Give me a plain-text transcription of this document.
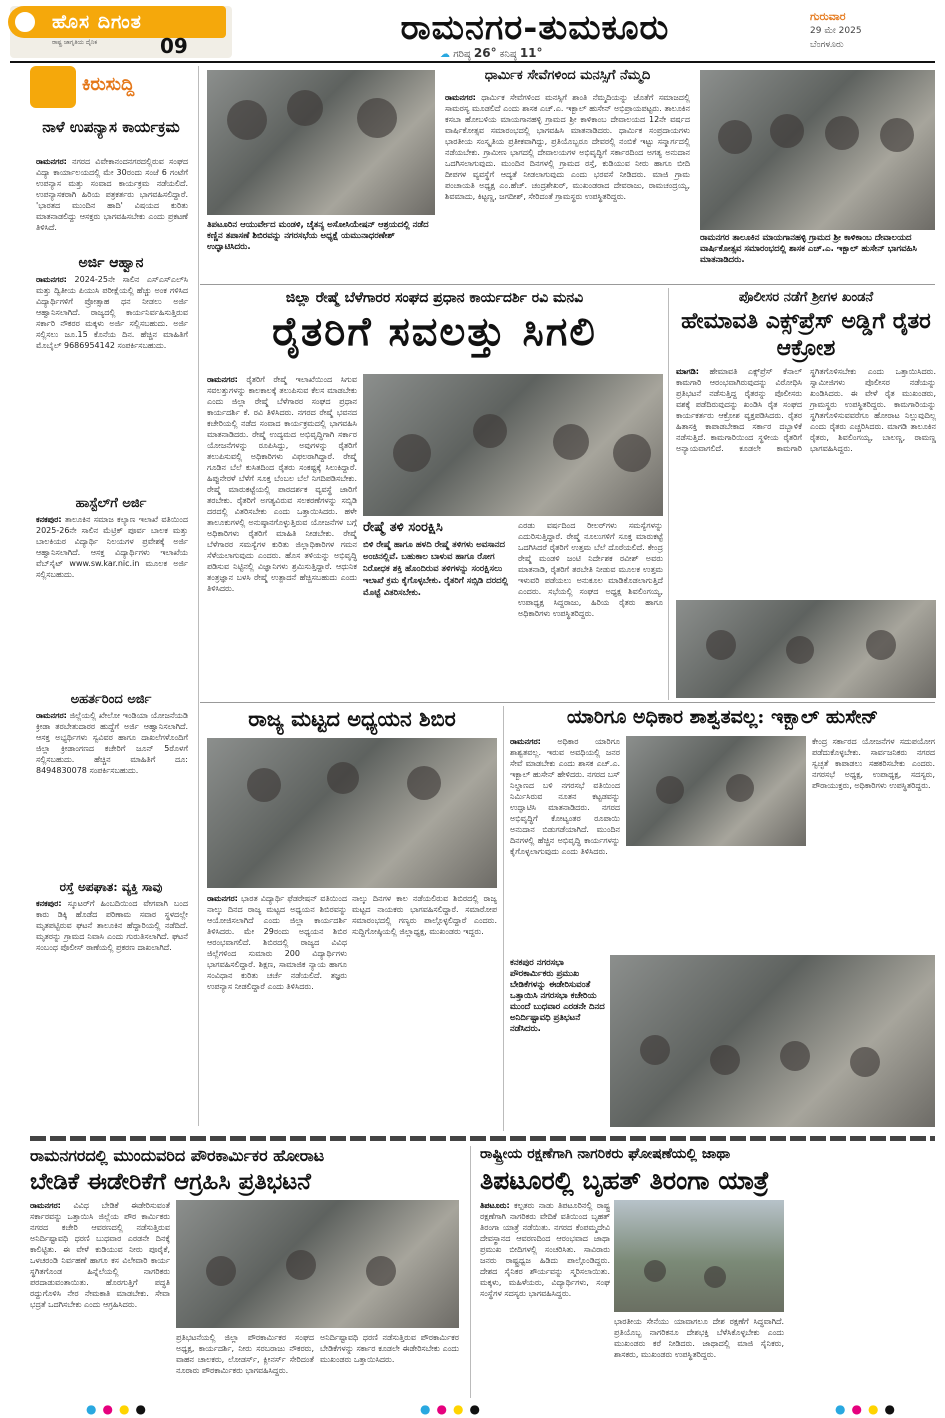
ಹೊಸ ದಿಗಂತ
ರಾಷ್ಟ್ರ ಜಾಗೃತಿಯ ದೈನಿಕ	09	ರಾಮನಗರ-ತುಮಕೂರು
☁ ಗರಿಷ್ಠ 26° ಕನಿಷ್ಠ 11°
ಗುರುವಾರ
29 ಮೇ 2025
ಬೆಂಗಳೂರು
ಕಿರುಸುದ್ದಿ
ನಾಳೆ ಉಪನ್ಯಾಸ ಕಾರ್ಯಕ್ರಮ
ರಾಮನಗರ: ನಗರದ ವಿವೇಕಾನಂದನಗರದಲ್ಲಿರುವ ಸಂಘದ ವಿದ್ಯಾ ಕಾರ್ಯಾಲಯದಲ್ಲಿ ಮೇ 30ರಂದು ಸಂಜೆ 6 ಗಂಟೆಗೆ ಉಪನ್ಯಾಸ ಮತ್ತು ಸಂವಾದ ಕಾರ್ಯಕ್ರಮ ನಡೆಯಲಿದೆ. ಉಪನ್ಯಾಸಕರಾಗಿ ಹಿರಿಯ ಪತ್ರಕರ್ತರು ಭಾಗವಹಿಸಲಿದ್ದಾರೆ. 'ಭಾರತದ ಮುಂದಿನ ಹಾದಿ' ವಿಷಯದ ಕುರಿತು ಮಾತನಾಡಲಿದ್ದು ಆಸಕ್ತರು ಭಾಗವಹಿಸಬೇಕು ಎಂದು ಪ್ರಕಟಣೆ ತಿಳಿಸಿದೆ.
ಅರ್ಜಿ ಆಹ್ವಾನ
ರಾಮನಗರ: 2024-25ನೇ ಸಾಲಿನ ಎಸ್‌ಎಸ್‌ಎಲ್‌ಸಿ ಮತ್ತು ದ್ವಿತೀಯ ಪಿಯುಸಿ ಪರೀಕ್ಷೆಯಲ್ಲಿ ಹೆಚ್ಚು ಅಂಕ ಗಳಿಸಿದ ವಿದ್ಯಾರ್ಥಿಗಳಿಗೆ ಪ್ರೋತ್ಸಾಹ ಧನ ನೀಡಲು ಅರ್ಜಿ ಆಹ್ವಾನಿಸಲಾಗಿದೆ. ರಾಜ್ಯದಲ್ಲಿ ಕಾರ್ಯನಿರ್ವಹಿಸುತ್ತಿರುವ ಸರ್ಕಾರಿ ನೌಕರರ ಮಕ್ಕಳು ಅರ್ಜಿ ಸಲ್ಲಿಸಬಹುದು. ಅರ್ಜಿ ಸಲ್ಲಿಸಲು ಜೂ.15 ಕೊನೆಯ ದಿನ. ಹೆಚ್ಚಿನ ಮಾಹಿತಿಗೆ ಮೊಬೈಲ್ 9686954142 ಸಂಪರ್ಕಿಸಬಹುದು.
ಹಾಸ್ಟೆಲ್‌ಗೆ ಅರ್ಜಿ
ಕನಕಪುರ: ತಾಲೂಕಿನ ಸಮಾಜ ಕಲ್ಯಾಣ ಇಲಾಖೆ ವತಿಯಿಂದ 2025-26ನೇ ಸಾಲಿನ ಮೆಟ್ರಿಕ್ ಪೂರ್ವ ಬಾಲಕ ಮತ್ತು ಬಾಲಕಿಯರ ವಿದ್ಯಾರ್ಥಿ ನಿಲಯಗಳ ಪ್ರವೇಶಕ್ಕೆ ಅರ್ಜಿ ಆಹ್ವಾನಿಸಲಾಗಿದೆ. ಆಸಕ್ತ ವಿದ್ಯಾರ್ಥಿಗಳು ಇಲಾಖೆಯ ವೆಬ್‌ಸೈಟ್ www.sw.kar.nic.in ಮೂಲಕ ಅರ್ಜಿ ಸಲ್ಲಿಸಬಹುದು.
ಅಹರ್ತರಿಂದ ಅರ್ಜಿ
ರಾಮನಗರ: ಜಿಲ್ಲೆಯಲ್ಲಿ ಖೇಲೋ ಇಂಡಿಯಾ ಯೋಜನೆಯಡಿ ಕ್ರೀಡಾ ತರಬೇತುದಾರರ ಹುದ್ದೆಗೆ ಅರ್ಜಿ ಆಹ್ವಾನಿಸಲಾಗಿದೆ. ಆಸಕ್ತ ಅಭ್ಯರ್ಥಿಗಳು ಸ್ವವಿವರ ಹಾಗೂ ದಾಖಲೆಗಳೊಂದಿಗೆ ಜಿಲ್ಲಾ ಕ್ರೀಡಾಂಗಣದ ಕಚೇರಿಗೆ ಜೂನ್ 5ರೊಳಗೆ ಸಲ್ಲಿಸಬಹುದು. ಹೆಚ್ಚಿನ ಮಾಹಿತಿಗೆ ದೂ: 8494830078 ಸಂಪರ್ಕಿಸಬಹುದು.
ರಸ್ತೆ ಅಪಘಾತ: ವ್ಯಕ್ತಿ ಸಾವು
ಕನಕಪುರ: ಸ್ಕೂಟರ್‌ಗೆ ಹಿಂಬದಿಯಿಂದ ವೇಗವಾಗಿ ಬಂದ ಕಾರು ಡಿಕ್ಕಿ ಹೊಡೆದ ಪರಿಣಾಮ ಸವಾರ ಸ್ಥಳದಲ್ಲೇ ಮೃತಪಟ್ಟಿರುವ ಘಟನೆ ತಾಲೂಕಿನ ಹೆದ್ದಾರಿಯಲ್ಲಿ ನಡೆದಿದೆ. ಮೃತರನ್ನು ಗ್ರಾಮದ ನಿವಾಸಿ ಎಂದು ಗುರುತಿಸಲಾಗಿದೆ. ಘಟನೆ ಸಂಬಂಧ ಪೊಲೀಸ್ ಠಾಣೆಯಲ್ಲಿ ಪ್ರಕರಣ ದಾಖಲಾಗಿದೆ.
ತಿಪಟೂರಿನ ಆಯುರ್ವೇದ ಮಂಡಳಿ, ಚೈತನ್ಯ ಅಸೋಸಿಯೇಷನ್ ಆಶ್ರಯದಲ್ಲಿ ನಡೆದ ಕಣ್ಣಿನ ತಪಾಸಣೆ ಶಿಬಿರವನ್ನು ನಗರಸಭೆಯ ಅಧ್ಯಕ್ಷೆ ಯಮುನಾಧರಣೇಶ್ ಉದ್ಘಾಟಿಸಿದರು.
ಧಾರ್ಮಿಕ ಸೇವೆಗಳಿಂದ ಮನಸ್ಸಿಗೆ ನೆಮ್ಮದಿ
ರಾಮನಗರ: ಧಾರ್ಮಿಕ ಸೇವೆಗಳಿಂದ ಮನಸ್ಸಿಗೆ ಶಾಂತಿ ನೆಮ್ಮದಿಯನ್ನು ಜೊತೆಗೆ ಸಮಾಜದಲ್ಲಿ ಸಾಮರಸ್ಯ ಮೂಡಲಿದೆ ಎಂದು ಶಾಸಕ ಎಚ್.ಎ. ಇಕ್ಬಾಲ್ ಹುಸೇನ್ ಅಭಿಪ್ರಾಯಪಟ್ಟರು. ತಾಲೂಕಿನ ಕಸಬಾ ಹೋಬಳಿಯ ಮಾಯಗಾನಹಳ್ಳಿ ಗ್ರಾಮದ ಶ್ರೀ ಕಾಳಿಕಾಂಬ ದೇವಾಲಯದ 12ನೇ ವರ್ಷದ ವಾರ್ಷಿಕೋತ್ಸವ ಸಮಾರಂಭದಲ್ಲಿ ಭಾಗವಹಿಸಿ ಮಾತನಾಡಿದರು. ಧಾರ್ಮಿಕ ಸಂಪ್ರದಾಯಗಳು ಭಾರತೀಯ ಸಂಸ್ಕೃತಿಯ ಪ್ರತೀಕವಾಗಿದ್ದು, ಪ್ರತಿಯೊಬ್ಬರೂ ದೇವರಲ್ಲಿ ನಂಬಿಕೆ ಇಟ್ಟು ಸನ್ಮಾರ್ಗದಲ್ಲಿ ನಡೆಯಬೇಕು. ಗ್ರಾಮೀಣ ಭಾಗದಲ್ಲಿ ದೇವಾಲಯಗಳ ಅಭಿವೃದ್ಧಿಗೆ ಸರ್ಕಾರದಿಂದ ಅಗತ್ಯ ಅನುದಾನ ಒದಗಿಸಲಾಗುವುದು. ಮುಂದಿನ ದಿನಗಳಲ್ಲಿ ಗ್ರಾಮದ ರಸ್ತೆ, ಕುಡಿಯುವ ನೀರು ಹಾಗೂ ಬೀದಿ ದೀಪಗಳ ವ್ಯವಸ್ಥೆಗೆ ಆದ್ಯತೆ ನೀಡಲಾಗುವುದು ಎಂದು ಭರವಸೆ ನೀಡಿದರು. ಮಾಜಿ ಗ್ರಾಮ ಪಂಚಾಯತಿ ಅಧ್ಯಕ್ಷ ಎಂ.ಹೆಚ್. ಚಂದ್ರಶೇಖರ್, ಮುಖಂಡರಾದ ದೇವರಾಜು, ರಾಮಚಂದ್ರಯ್ಯ, ಶಿವಮಾದು, ಕಿಟ್ಟಣ್ಣ, ಜಗದೀಶ್, ಸೇರಿದಂತೆ ಗ್ರಾಮಸ್ಥರು ಉಪಸ್ಥಿತರಿದ್ದರು.
ರಾಮನಗರ ತಾಲೂಕಿನ ಮಾಯಗಾನಹಳ್ಳಿ ಗ್ರಾಮದ ಶ್ರೀ ಕಾಳಿಕಾಂಬ ದೇವಾಲಯದ ವಾರ್ಷಿಕೋತ್ಸವ ಸಮಾರಂಭದಲ್ಲಿ ಶಾಸಕ ಎಚ್.ಎ. ಇಕ್ಬಾಲ್ ಹುಸೇನ್ ಭಾಗವಹಿಸಿ ಮಾತನಾಡಿದರು.
ಜಿಲ್ಲಾ ರೇಷ್ಮೆ ಬೆಳೆಗಾರರ ಸಂಘದ ಪ್ರಧಾನ ಕಾರ್ಯದರ್ಶಿ ರವಿ ಮನವಿ
ರೈತರಿಗೆ ಸವಲತ್ತು ಸಿಗಲಿ
ರಾಮನಗರ: ರೈತರಿಗೆ ರೇಷ್ಮೆ ಇಲಾಖೆಯಿಂದ ಸಿಗುವ ಸವಲತ್ತುಗಳನ್ನು ಕಾಲಕಾಲಕ್ಕೆ ತಲುಪಿಸುವ ಕೆಲಸ ಮಾಡಬೇಕು ಎಂದು ಜಿಲ್ಲಾ ರೇಷ್ಮೆ ಬೆಳೆಗಾರರ ಸಂಘದ ಪ್ರಧಾನ ಕಾರ್ಯದರ್ಶಿ ಕೆ. ರವಿ ತಿಳಿಸಿದರು. ನಗರದ ರೇಷ್ಮೆ ಭವನದ ಕಚೇರಿಯಲ್ಲಿ ನಡೆದ ಸಂವಾದ ಕಾರ್ಯಕ್ರಮದಲ್ಲಿ ಭಾಗವಹಿಸಿ ಮಾತನಾಡಿದರು. ರೇಷ್ಮೆ ಉದ್ಯಮದ ಅಭಿವೃದ್ಧಿಗಾಗಿ ಸರ್ಕಾರ ಯೋಜನೆಗಳನ್ನು ರೂಪಿಸಿದ್ದು, ಅವುಗಳನ್ನು ರೈತರಿಗೆ ತಲುಪಿಸುವಲ್ಲಿ ಅಧಿಕಾರಿಗಳು ವಿಫಲರಾಗಿದ್ದಾರೆ. ರೇಷ್ಮೆ ಗೂಡಿನ ಬೆಲೆ ಕುಸಿತದಿಂದ ರೈತರು ಸಂಕಷ್ಟಕ್ಕೆ ಸಿಲುಕಿದ್ದಾರೆ. ಹಿಪ್ಪುನೇರಳೆ ಬೆಳೆಗೆ ಸೂಕ್ತ ಬೆಂಬಲ ಬೆಲೆ ನಿಗದಿಪಡಿಸಬೇಕು. ರೇಷ್ಮೆ ಮಾರುಕಟ್ಟೆಯಲ್ಲಿ ಪಾರದರ್ಶಕ ವ್ಯವಸ್ಥೆ ಜಾರಿಗೆ ತರಬೇಕು. ರೈತರಿಗೆ ಅಗತ್ಯವಿರುವ ಸಲಕರಣೆಗಳನ್ನು ಸಬ್ಸಿಡಿ ದರದಲ್ಲಿ ವಿತರಿಸಬೇಕು ಎಂದು ಒತ್ತಾಯಿಸಿದರು. ಹಳೇ ತಾಲೂಕುಗಳಲ್ಲಿ ಅನುಷ್ಠಾನಗೊಳ್ಳುತ್ತಿರುವ ಯೋಜನೆಗಳ ಬಗ್ಗೆ ಅಧಿಕಾರಿಗಳು ರೈತರಿಗೆ ಮಾಹಿತಿ ನೀಡಬೇಕು. ರೇಷ್ಮೆ ಬೆಳೆಗಾರರ ಸಮಸ್ಯೆಗಳ ಕುರಿತು ಜಿಲ್ಲಾಧಿಕಾರಿಗಳ ಗಮನ ಸೆಳೆಯಲಾಗುವುದು ಎಂದರು. ಹೊಸ ತಳಿಯನ್ನು ಅಭಿವೃದ್ಧಿ ಪಡಿಸುವ ನಿಟ್ಟಿನಲ್ಲಿ ವಿಜ್ಞಾನಿಗಳು ಶ್ರಮಿಸುತ್ತಿದ್ದಾರೆ. ಆಧುನಿಕ ತಂತ್ರಜ್ಞಾನ ಬಳಸಿ ರೇಷ್ಮೆ ಉತ್ಪಾದನೆ ಹೆಚ್ಚಿಸಬಹುದು ಎಂದು ತಿಳಿಸಿದರು.
ರೇಷ್ಮೆ ತಳಿ ಸಂರಕ್ಷಿಸಿ
ಬಿಳಿ ರೇಷ್ಮೆ ಹಾಗೂ ಹಳದಿ ರೇಷ್ಮೆ ತಳಿಗಳು ಅವಸಾನದ ಅಂಚಿನಲ್ಲಿವೆ. ಬಹುಕಾಲ ಬಾಳುವ ಹಾಗೂ ರೋಗ ನಿರೋಧಕ ಶಕ್ತಿ ಹೊಂದಿರುವ ತಳಿಗಳನ್ನು ಸಂರಕ್ಷಿಸಲು ಇಲಾಖೆ ಕ್ರಮ ಕೈಗೊಳ್ಳಬೇಕು. ರೈತರಿಗೆ ಸಬ್ಸಿಡಿ ದರದಲ್ಲಿ ಮೊಟ್ಟೆ ವಿತರಿಸಬೇಕು.
ಎರಡು ವರ್ಷದಿಂದ ರೀಲರ್‌ಗಳು ಸಮಸ್ಯೆಗಳನ್ನು ಎದುರಿಸುತ್ತಿದ್ದಾರೆ. ರೇಷ್ಮೆ ನೂಲುಗಳಿಗೆ ಸೂಕ್ತ ಮಾರುಕಟ್ಟೆ ಒದಗಿಸಿದರೆ ರೈತರಿಗೆ ಉತ್ತಮ ಬೆಲೆ ದೊರೆಯಲಿದೆ. ಕೇಂದ್ರ ರೇಷ್ಮೆ ಮಂಡಳಿ ಜಂಟಿ ನಿರ್ದೇಶಕ ರವೀಶ್ ಅವರು ಮಾತನಾಡಿ, ರೈತರಿಗೆ ತರಬೇತಿ ನೀಡುವ ಮೂಲಕ ಉತ್ತಮ ಇಳುವರಿ ಪಡೆಯಲು ಅನುಕೂಲ ಮಾಡಿಕೊಡಲಾಗುತ್ತಿದೆ ಎಂದರು. ಸಭೆಯಲ್ಲಿ ಸಂಘದ ಅಧ್ಯಕ್ಷ ಶಿವಲಿಂಗಯ್ಯ, ಉಪಾಧ್ಯಕ್ಷ ಸಿದ್ದರಾಜು, ಹಿರಿಯ ರೈತರು ಹಾಗೂ ಅಧಿಕಾರಿಗಳು ಉಪಸ್ಥಿತರಿದ್ದರು.
ಪೊಲೀಸರ ನಡೆಗೆ ಶ್ರೀಗಳ ಖಂಡನೆ
ಹೇಮಾವತಿ ಎಕ್ಸ್‌ಪ್ರೆಸ್ ಅಡ್ಡಿಗೆ ರೈತರ ಆಕ್ರೋಶ
ಮಾಗಡಿ: ಹೇಮಾವತಿ ಎಕ್ಸ್‌ಪ್ರೆಸ್ ಕೆನಾಲ್ ಕಾಮಗಾರಿ ಆರಂಭವಾಗಿರುವುದನ್ನು ವಿರೋಧಿಸಿ ಪ್ರತಿಭಟನೆ ನಡೆಸುತ್ತಿದ್ದ ರೈತರನ್ನು ಪೊಲೀಸರು ವಶಕ್ಕೆ ಪಡೆದಿರುವುದನ್ನು ಖಂಡಿಸಿ ರೈತ ಸಂಘದ ಕಾರ್ಯಕರ್ತರು ಆಕ್ರೋಶ ವ್ಯಕ್ತಪಡಿಸಿದರು. ರೈತರ ಹಿತಾಸಕ್ತಿ ಕಾಪಾಡಬೇಕಾದ ಸರ್ಕಾರ ದಬ್ಬಾಳಿಕೆ ನಡೆಸುತ್ತಿದೆ. ಕಾಮಗಾರಿಯಿಂದ ಸ್ಥಳೀಯ ರೈತರಿಗೆ ಅನ್ಯಾಯವಾಗಲಿದೆ. ಕೂಡಲೇ ಕಾಮಗಾರಿ ಸ್ಥಗಿತಗೊಳಿಸಬೇಕು ಎಂದು ಒತ್ತಾಯಿಸಿದರು. ಸ್ವಾಮೀಜಿಗಳು ಪೊಲೀಸರ ನಡೆಯನ್ನು ಖಂಡಿಸಿದರು. ಈ ವೇಳೆ ರೈತ ಮುಖಂಡರು, ಗ್ರಾಮಸ್ಥರು ಉಪಸ್ಥಿತರಿದ್ದರು. ಕಾಮಗಾರಿಯನ್ನು ಸ್ಥಗಿತಗೊಳಿಸುವವರೆಗೂ ಹೋರಾಟ ನಿಲ್ಲುವುದಿಲ್ಲ ಎಂದು ರೈತರು ಎಚ್ಚರಿಸಿದರು. ಮಾಗಡಿ ತಾಲೂಕಿನ ರೈತರು, ಶಿವಲಿಂಗಯ್ಯ, ಬಾಲಣ್ಣ, ರಾಮಣ್ಣ ಭಾಗವಹಿಸಿದ್ದರು.
ರಾಜ್ಯ ಮಟ್ಟದ ಅಧ್ಯಯನ ಶಿಬಿರ
ರಾಮನಗರ: ಭಾರತ ವಿದ್ಯಾರ್ಥಿ ಫೆಡರೇಷನ್ ವತಿಯಿಂದ ನಾಲ್ಕು ದಿನದ ರಾಜ್ಯ ಮಟ್ಟದ ಅಧ್ಯಯನ ಶಿಬಿರವನ್ನು ಆಯೋಜಿಸಲಾಗಿದೆ ಎಂದು ಜಿಲ್ಲಾ ಕಾರ್ಯದರ್ಶಿ ತಿಳಿಸಿದರು. ಮೇ 29ರಂದು ಅಧ್ಯಯನ ಶಿಬಿರ ಆರಂಭವಾಗಲಿದೆ. ಶಿಬಿರದಲ್ಲಿ ರಾಜ್ಯದ ವಿವಿಧ ಜಿಲ್ಲೆಗಳಿಂದ ಸುಮಾರು 200 ವಿದ್ಯಾರ್ಥಿಗಳು ಭಾಗವಹಿಸಲಿದ್ದಾರೆ. ಶಿಕ್ಷಣ, ಸಾಮಾಜಿಕ ನ್ಯಾಯ ಹಾಗೂ ಸಂವಿಧಾನ ಕುರಿತು ಚರ್ಚೆ ನಡೆಯಲಿದೆ. ತಜ್ಞರು ಉಪನ್ಯಾಸ ನೀಡಲಿದ್ದಾರೆ ಎಂದು ತಿಳಿಸಿದರು.
ನಾಲ್ಕು ದಿನಗಳ ಕಾಲ ನಡೆಯಲಿರುವ ಶಿಬಿರದಲ್ಲಿ ರಾಜ್ಯ ಮಟ್ಟದ ನಾಯಕರು ಭಾಗವಹಿಸಲಿದ್ದಾರೆ. ಸಮಾರೋಪ ಸಮಾರಂಭದಲ್ಲಿ ಗಣ್ಯರು ಪಾಲ್ಗೊಳ್ಳಲಿದ್ದಾರೆ ಎಂದರು. ಸುದ್ದಿಗೋಷ್ಠಿಯಲ್ಲಿ ಜಿಲ್ಲಾಧ್ಯಕ್ಷ, ಮುಖಂಡರು ಇದ್ದರು.
ಯಾರಿಗೂ ಅಧಿಕಾರ ಶಾಶ್ವತವಲ್ಲ: ಇಕ್ಬಾಲ್ ಹುಸೇನ್
ರಾಮನಗರ: ಅಧಿಕಾರ ಯಾರಿಗೂ ಶಾಶ್ವತವಲ್ಲ. ಇರುವ ಅವಧಿಯಲ್ಲಿ ಜನರ ಸೇವೆ ಮಾಡಬೇಕು ಎಂದು ಶಾಸಕ ಎಚ್.ಎ. ಇಕ್ಬಾಲ್ ಹುಸೇನ್ ಹೇಳಿದರು. ನಗರದ ಬಸ್ ನಿಲ್ದಾಣದ ಬಳಿ ನಗರಸಭೆ ವತಿಯಿಂದ ನಿರ್ಮಿಸಿರುವ ನೂತನ ಕಟ್ಟಡವನ್ನು ಉದ್ಘಾಟಿಸಿ ಮಾತನಾಡಿದರು. ನಗರದ ಅಭಿವೃದ್ಧಿಗೆ ಕೋಟ್ಯಂತರ ರೂಪಾಯಿ ಅನುದಾನ ಬಿಡುಗಡೆಯಾಗಿದೆ. ಮುಂದಿನ ದಿನಗಳಲ್ಲಿ ಹೆಚ್ಚಿನ ಅಭಿವೃದ್ಧಿ ಕಾರ್ಯಗಳನ್ನು ಕೈಗೊಳ್ಳಲಾಗುವುದು ಎಂದು ತಿಳಿಸಿದರು.
ಕೇಂದ್ರ ಸರ್ಕಾರದ ಯೋಜನೆಗಳ ಸದುಪಯೋಗ ಪಡೆದುಕೊಳ್ಳಬೇಕು. ಸಾರ್ವಜನಿಕರು ನಗರದ ಸ್ವಚ್ಛತೆ ಕಾಪಾಡಲು ಸಹಕರಿಸಬೇಕು ಎಂದರು. ನಗರಸಭೆ ಅಧ್ಯಕ್ಷ, ಉಪಾಧ್ಯಕ್ಷ, ಸದಸ್ಯರು, ಪೌರಾಯುಕ್ತರು, ಅಧಿಕಾರಿಗಳು ಉಪಸ್ಥಿತರಿದ್ದರು.
ಕನಕಪುರ ನಗರಸಭಾ ಪೌರಕಾರ್ಮಿಕರು ಪ್ರಮುಖ ಬೇಡಿಕೆಗಳನ್ನು ಈಡೇರಿಸುವಂತೆ ಒತ್ತಾಯಿಸಿ ನಗರಸಭಾ ಕಚೇರಿಯ ಮುಂದೆ ಬುಧವಾರ ಎರಡನೇ ದಿನದ ಅನಿರ್ದಿಷ್ಟಾವಧಿ ಪ್ರತಿಭಟನೆ ನಡೆಸಿದರು.
ರಾಮನಗರದಲ್ಲಿ ಮುಂದುವರಿದ ಪೌರಕಾರ್ಮಿಕರ ಹೋರಾಟ
ಬೇಡಿಕೆ ಈಡೇರಿಕೆಗೆ ಆಗ್ರಹಿಸಿ ಪ್ರತಿಭಟನೆ
ರಾಮನಗರ: ವಿವಿಧ ಬೇಡಿಕೆ ಈಡೇರಿಸುವಂತೆ ಸರ್ಕಾರವನ್ನು ಒತ್ತಾಯಿಸಿ ಜಿಲ್ಲೆಯ ಪೌರ ಕಾರ್ಮಿಕರು ನಗರದ ಕಚೇರಿ ಆವರಣದಲ್ಲಿ ನಡೆಸುತ್ತಿರುವ ಅನಿರ್ದಿಷ್ಟಾವಧಿ ಧರಣಿ ಬುಧವಾರ ಎರಡನೇ ದಿನಕ್ಕೆ ಕಾಲಿಟ್ಟಿತು. ಈ ವೇಳೆ ಕುಡಿಯುವ ನೀರು ಪೂರೈಕೆ, ಒಳಚರಂಡಿ ನಿರ್ವಹಣೆ ಹಾಗೂ ಕಸ ವಿಲೇವಾರಿ ಕಾರ್ಯ ಸ್ಥಗಿತಗೊಂಡ ಹಿನ್ನೆಲೆಯಲ್ಲಿ ನಾಗರಿಕರು ಪರದಾಡುವಂತಾಯಿತು. ಹೊರಗುತ್ತಿಗೆ ಪದ್ಧತಿ ರದ್ದುಗೊಳಿಸಿ ನೇರ ನೇಮಕಾತಿ ಮಾಡಬೇಕು. ಸೇವಾ ಭದ್ರತೆ ಒದಗಿಸಬೇಕು ಎಂದು ಆಗ್ರಹಿಸಿದರು.
ಪ್ರತಿಭಟನೆಯಲ್ಲಿ ಜಿಲ್ಲಾ ಪೌರಕಾರ್ಮಿಕರ ಸಂಘದ ಅಧ್ಯಕ್ಷ, ಕಾರ್ಯದರ್ಶಿ, ನೀರು ಸರಬರಾಜು ನೌಕರರು, ವಾಹನ ಚಾಲಕರು, ಲೋಡರ್ಸ್, ಕ್ಲೀನರ್ಸ್ ಸೇರಿದಂತೆ ನೂರಾರು ಪೌರಕಾರ್ಮಿಕರು ಭಾಗವಹಿಸಿದ್ದರು.
ಅನಿರ್ದಿಷ್ಟಾವಧಿ ಧರಣಿ ನಡೆಸುತ್ತಿರುವ ಪೌರಕಾರ್ಮಿಕರ ಬೇಡಿಕೆಗಳನ್ನು ಸರ್ಕಾರ ಕೂಡಲೇ ಈಡೇರಿಸಬೇಕು ಎಂದು ಮುಖಂಡರು ಒತ್ತಾಯಿಸಿದರು.
ರಾಷ್ಟ್ರೀಯ ರಕ್ಷಣೆಗಾಗಿ ನಾಗರಿಕರು ಘೋಷಣೆಯಲ್ಲಿ ಜಾಥಾ
ತಿಪಟೂರಲ್ಲಿ ಬೃಹತ್ ತಿರಂಗಾ ಯಾತ್ರೆ
ತಿಪಟೂರು: ಕಲ್ಪತರು ನಾಡು ತಿಪಟೂರಿನಲ್ಲಿ ರಾಷ್ಟ್ರ ರಕ್ಷಣೆಗಾಗಿ ನಾಗರಿಕರು ವೇದಿಕೆ ವತಿಯಿಂದ ಬೃಹತ್ ತಿರಂಗಾ ಯಾತ್ರೆ ನಡೆಯಿತು. ನಗರದ ಕೆಂಪಮ್ಮದೇವಿ ದೇವಸ್ಥಾನದ ಆವರಣದಿಂದ ಆರಂಭವಾದ ಜಾಥಾ ಪ್ರಮುಖ ಬೀದಿಗಳಲ್ಲಿ ಸಂಚರಿಸಿತು. ಸಾವಿರಾರು ಜನರು ರಾಷ್ಟ್ರಧ್ವಜ ಹಿಡಿದು ಪಾಲ್ಗೊಂಡಿದ್ದರು. ದೇಶದ ಸೈನಿಕರ ಶೌರ್ಯವನ್ನು ಸ್ಮರಿಸಲಾಯಿತು. ಮಕ್ಕಳು, ಮಹಿಳೆಯರು, ವಿದ್ಯಾರ್ಥಿಗಳು, ಸಂಘ ಸಂಸ್ಥೆಗಳ ಸದಸ್ಯರು ಭಾಗವಹಿಸಿದ್ದರು.
ಭಾರತೀಯ ಸೇನೆಯು ಯಾವಾಗಲೂ ದೇಶ ರಕ್ಷಣೆಗೆ ಸಿದ್ಧವಾಗಿದೆ. ಪ್ರತಿಯೊಬ್ಬ ನಾಗರಿಕನೂ ದೇಶಭಕ್ತಿ ಬೆಳೆಸಿಕೊಳ್ಳಬೇಕು ಎಂದು ಮುಖಂಡರು ಕರೆ ನೀಡಿದರು. ಜಾಥಾದಲ್ಲಿ ಮಾಜಿ ಸೈನಿಕರು, ಶಾಸಕರು, ಮುಖಂಡರು ಉಪಸ್ಥಿತರಿದ್ದರು.
●●●●	●●●●	●●●●
